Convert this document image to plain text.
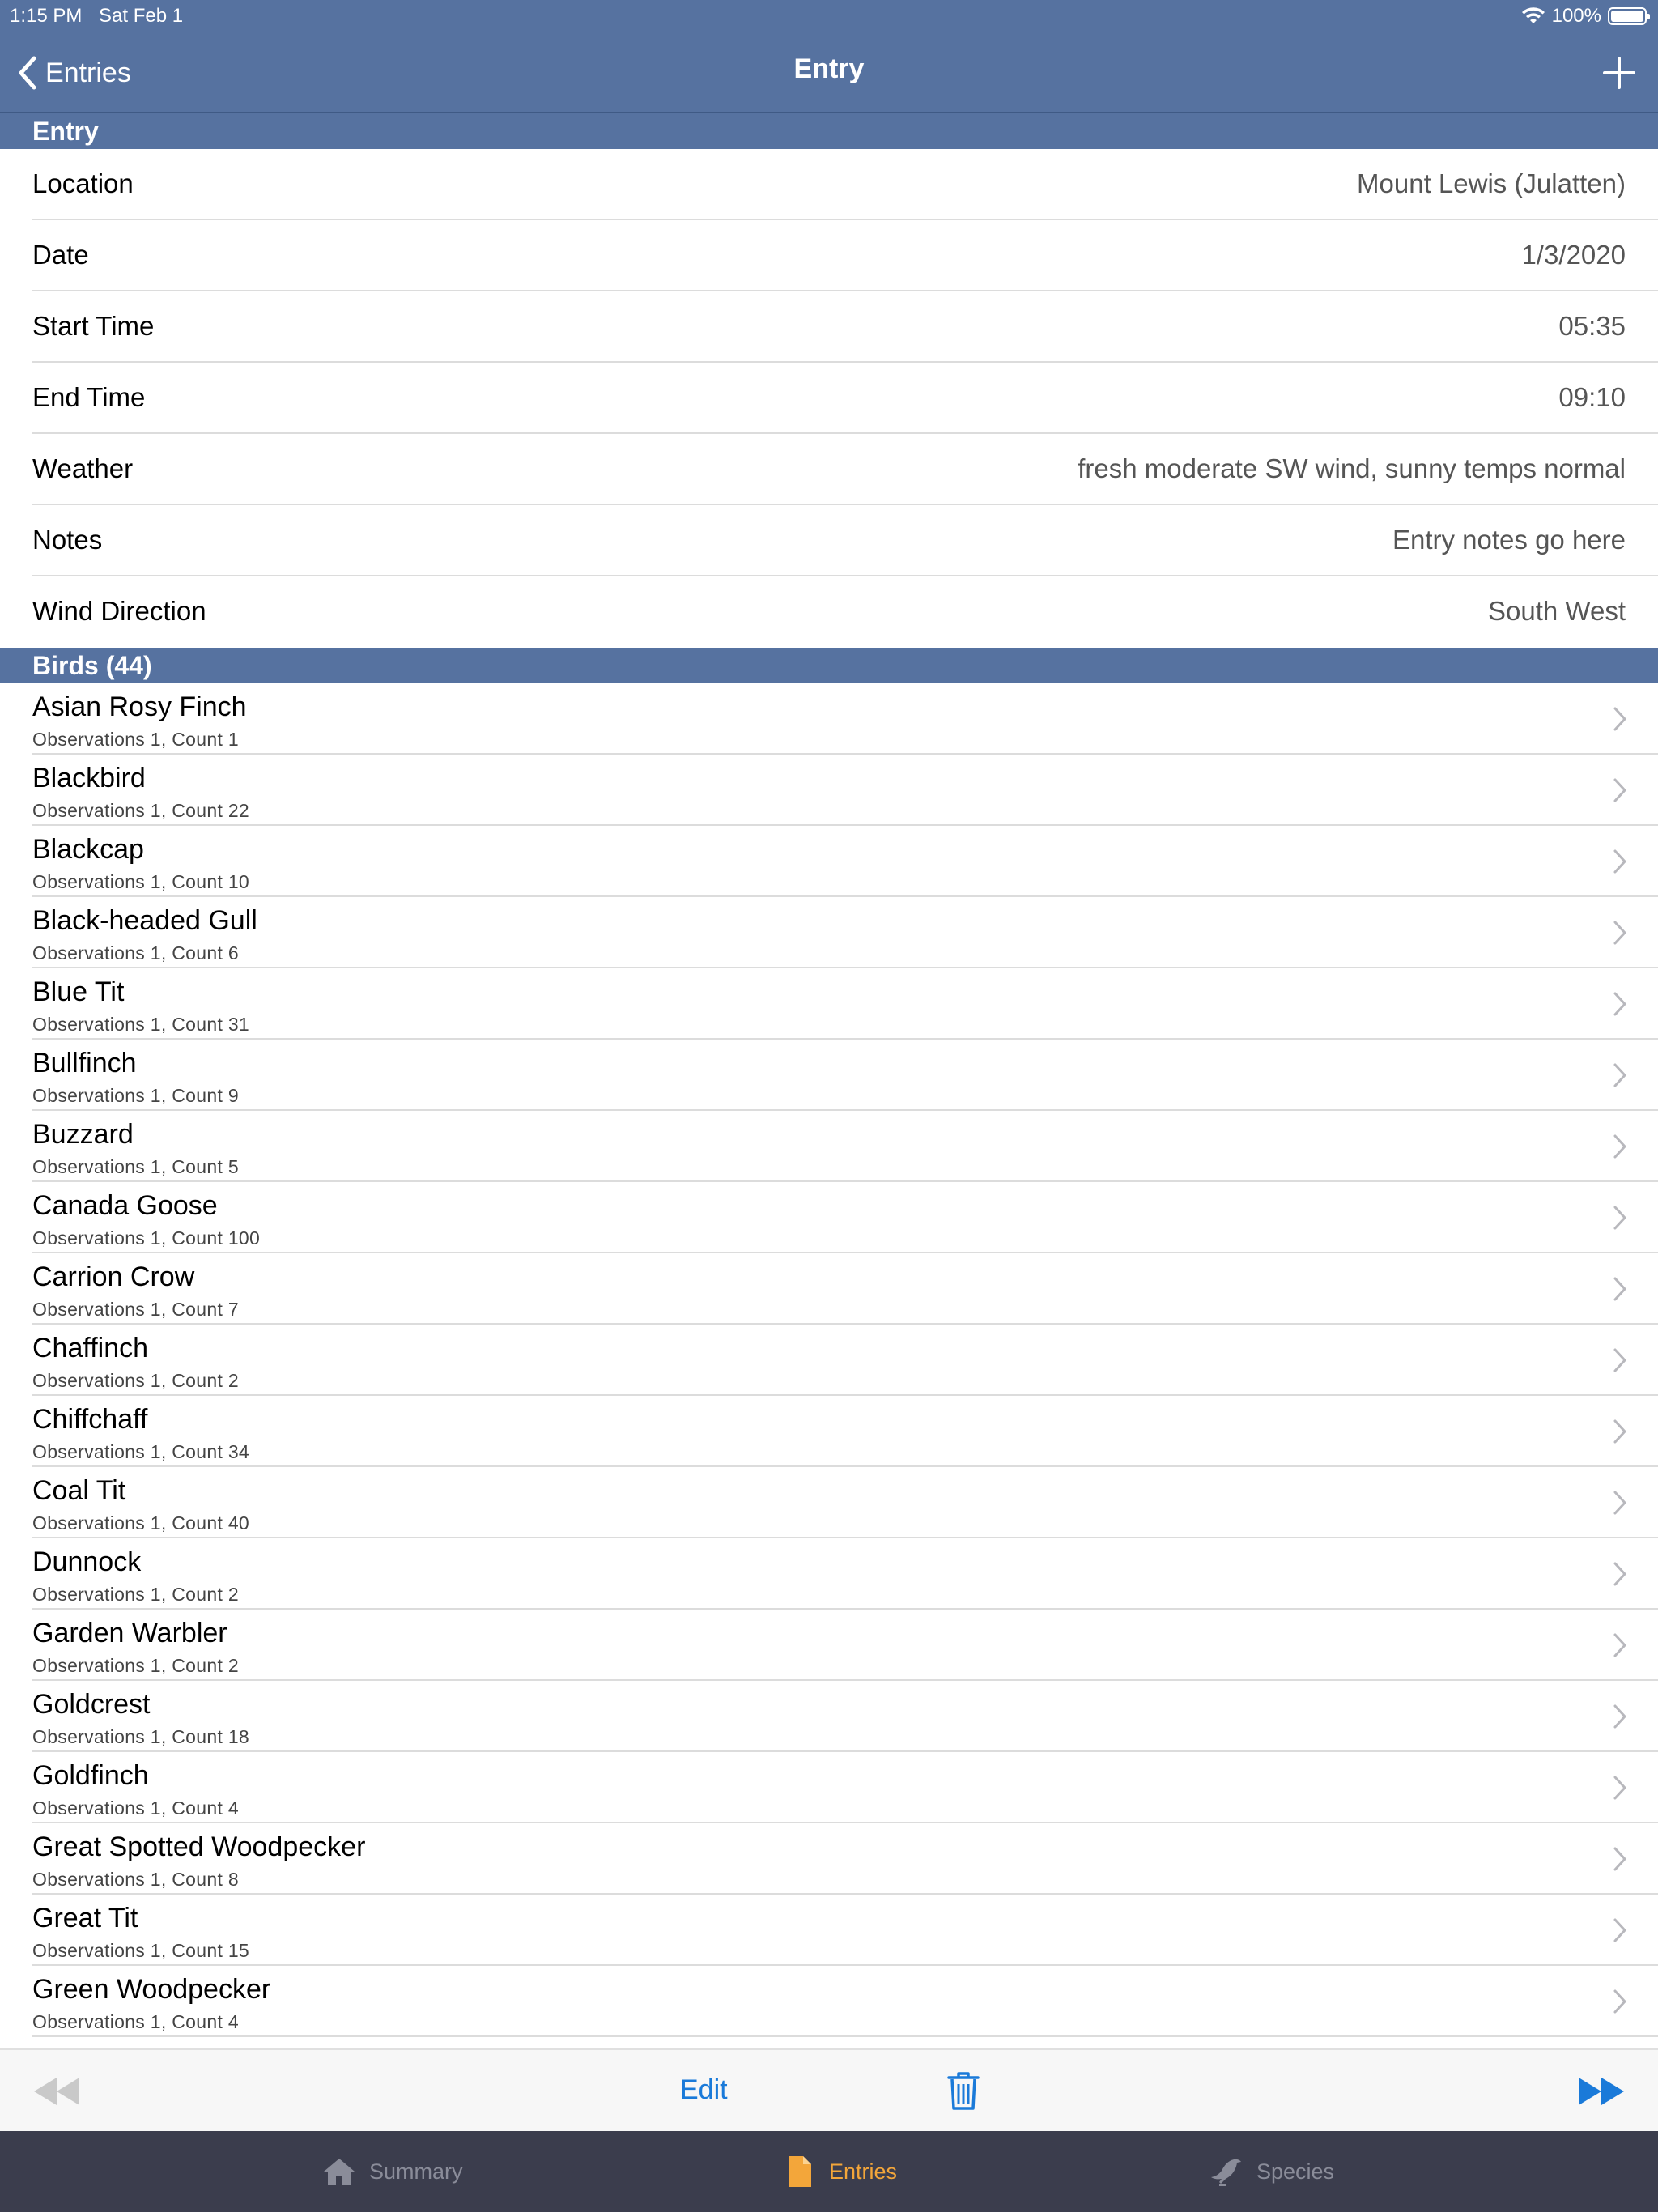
1:15 PM Sat Feb 1	100%
Entries	Entry
Entry
Location	Mount Lewis (Julatten)
Date	1/3/2020
Start Time	05:35
End Time	09:10
Weather	fresh moderate SW wind, sunny temps normal
Notes	Entry notes go here
Wind Direction	South West
Birds (44)
Asian Rosy Finch
Observations 1, Count 1
Blackbird
Observations 1, Count 22
Blackcap
Observations 1, Count 10
Black-headed Gull
Observations 1, Count 6
Blue Tit
Observations 1, Count 31
Bullfinch
Observations 1, Count 9
Buzzard
Observations 1, Count 5
Canada Goose
Observations 1, Count 100
Carrion Crow
Observations 1, Count 7
Chaffinch
Observations 1, Count 2
Chiffchaff
Observations 1, Count 34
Coal Tit
Observations 1, Count 40
Dunnock
Observations 1, Count 2
Garden Warbler
Observations 1, Count 2
Goldcrest
Observations 1, Count 18
Goldfinch
Observations 1, Count 4
Great Spotted Woodpecker
Observations 1, Count 8
Great Tit
Observations 1, Count 15
Green Woodpecker
Observations 1, Count 4
Edit
Summary	Entries	Species
